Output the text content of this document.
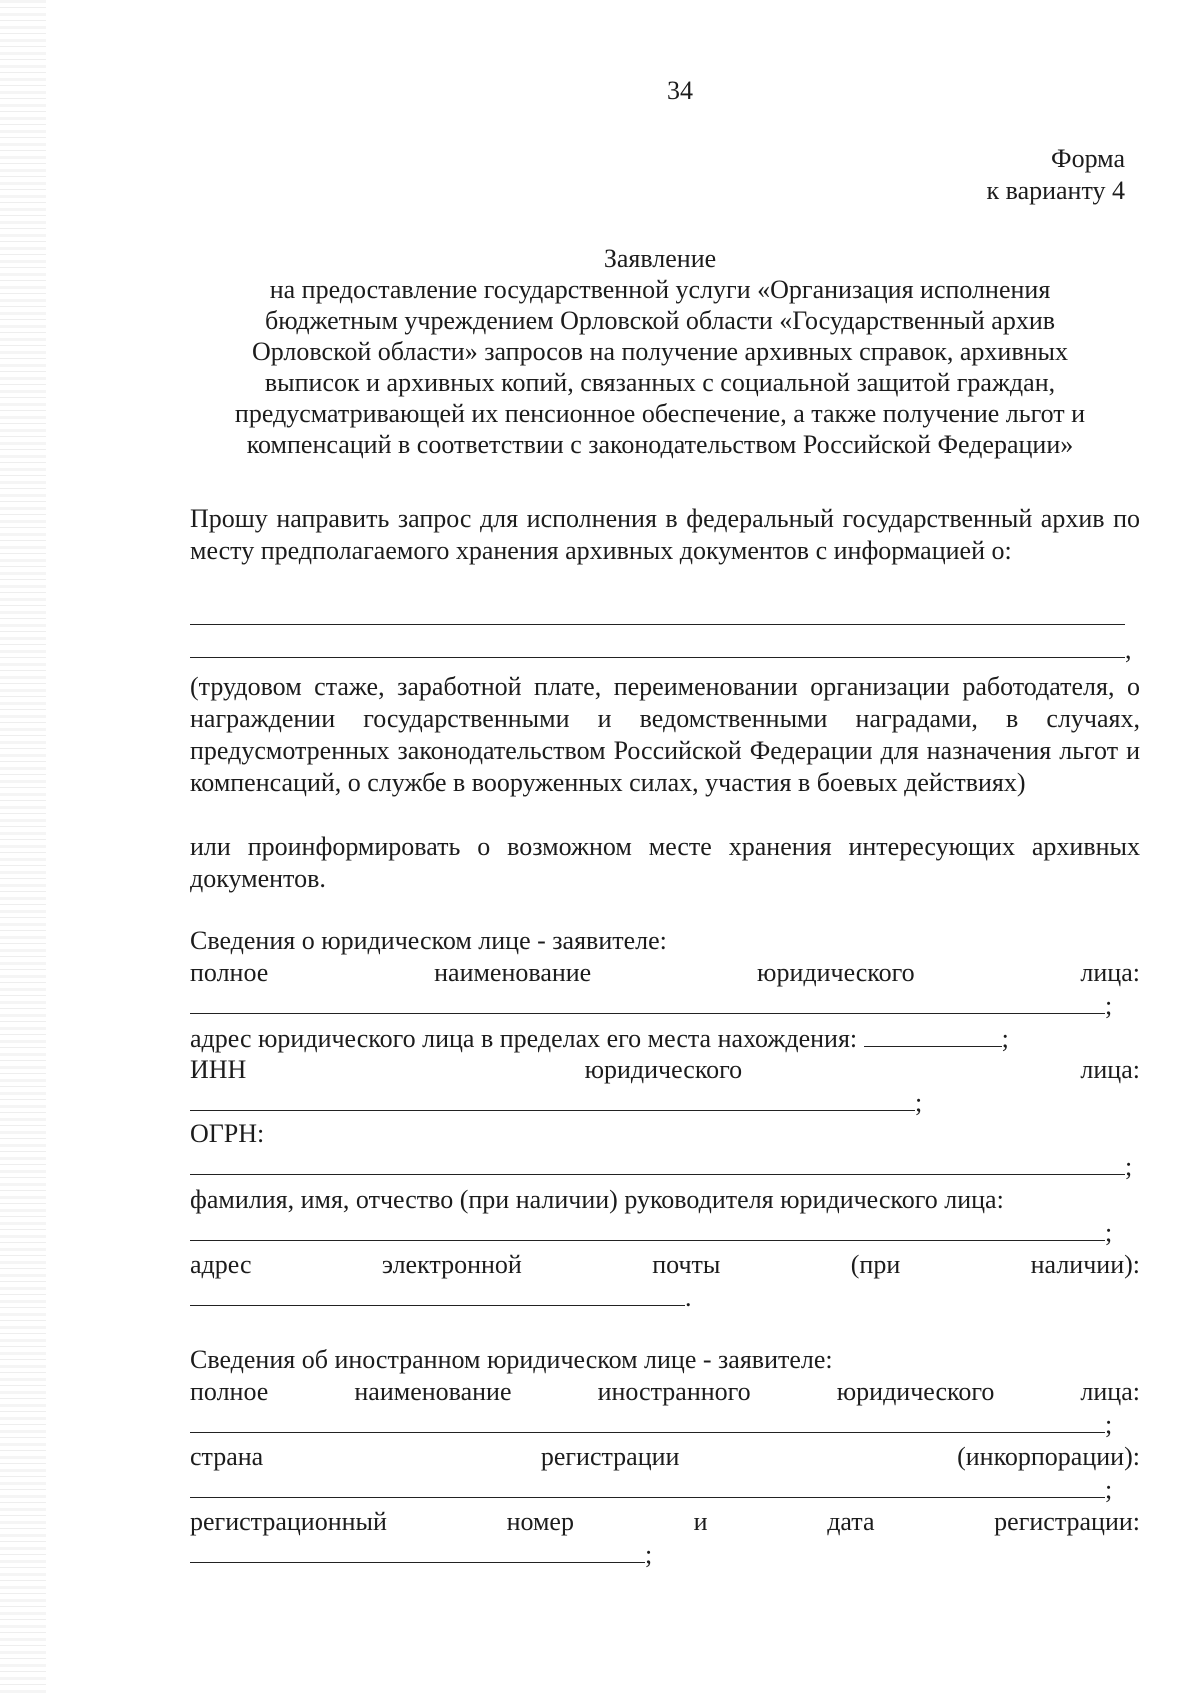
34
Форма
к варианту 4
Заявление
на предоставление государственной услуги «Организация исполнения
бюджетным учреждением Орловской области «Государственный архив
Орловской области» запросов на получение архивных справок, архивных
выписок и архивных копий, связанных с социальной защитой граждан,
предусматривающей их пенсионное обеспечение, а также получение льгот и
компенсаций в соответствии с законодательством Российской Федерации»
Прошу направить запрос для исполнения в федеральный государственный архив по месту предполагаемого хранения архивных документов с информацией о:
,
(трудовом стаже, заработной плате, переименовании организации работодателя, о награждении государственными и ведомственными наградами, в случаях, предусмотренных законодательством Российской Федерации для назначения льгот и компенсаций, о службе в вооруженных силах, участия в боевых действиях)
или проинформировать о возможном месте хранения интересующих архивных документов.
Сведения о юридическом лице - заявителе:
полное	наименование	юридического	лица:
;
адрес юридического лица в пределах его места нахождения:	;
ИНН	юридического	лица:
;
ОГРН:
;
фамилия, имя, отчество (при наличии) руководителя юридического лица:
;
адрес	электронной	почты	(при	наличии):
.
Сведения об иностранном юридическом лице - заявителе:
полное	наименование	иностранного	юридического	лица:
;
страна	регистрации	(инкорпорации):
;
регистрационный	номер	и	дата	регистрации:
;
